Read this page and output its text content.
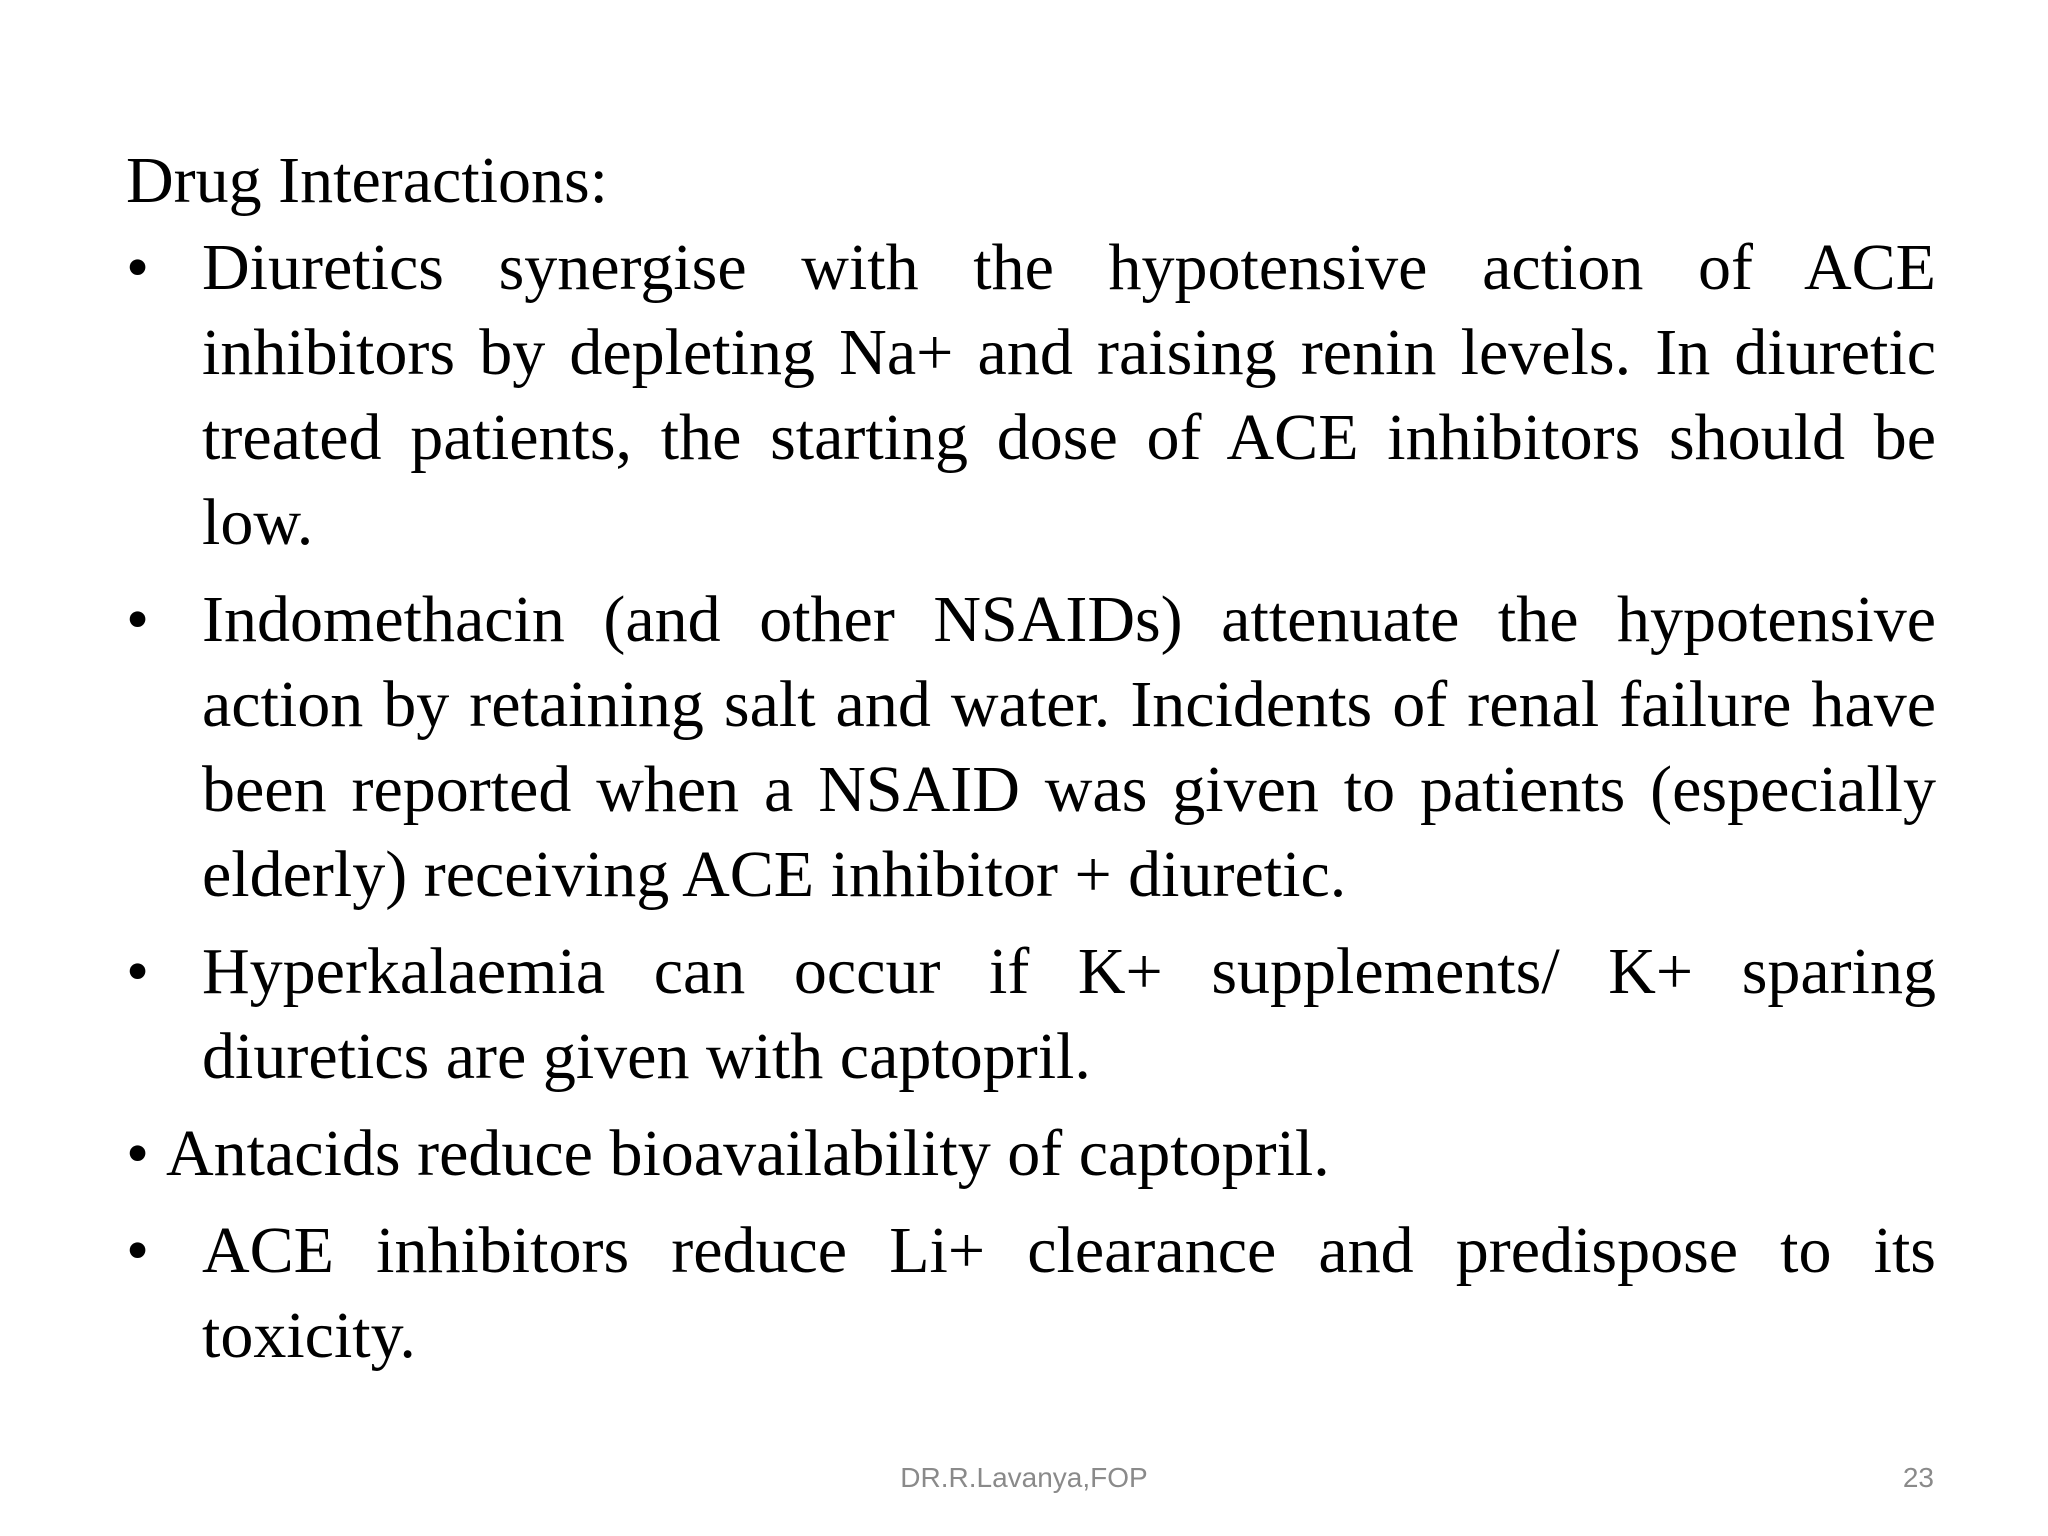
Drug Interactions:
• Diuretics synergise with the hypotensive action of ACE
inhibitors by depleting Na+ and raising renin levels. In diuretic treated patients, the starting dose of ACE inhibitors should be low.
• Indomethacin (and other NSAIDs) attenuate the hypotensive
action by retaining salt and water. Incidents of renal failure have been reported when a NSAID was given to patients (especially elderly) receiving ACE inhibitor + diuretic.
• Hyperkalaemia can occur if K+ supplements/ K+ sparing
diuretics are given with captopril.
• Antacids reduce bioavailability of captopril.
• ACE inhibitors reduce Li+ clearance and predispose to its
toxicity.
DR.R.Lavanya,FOP	23
